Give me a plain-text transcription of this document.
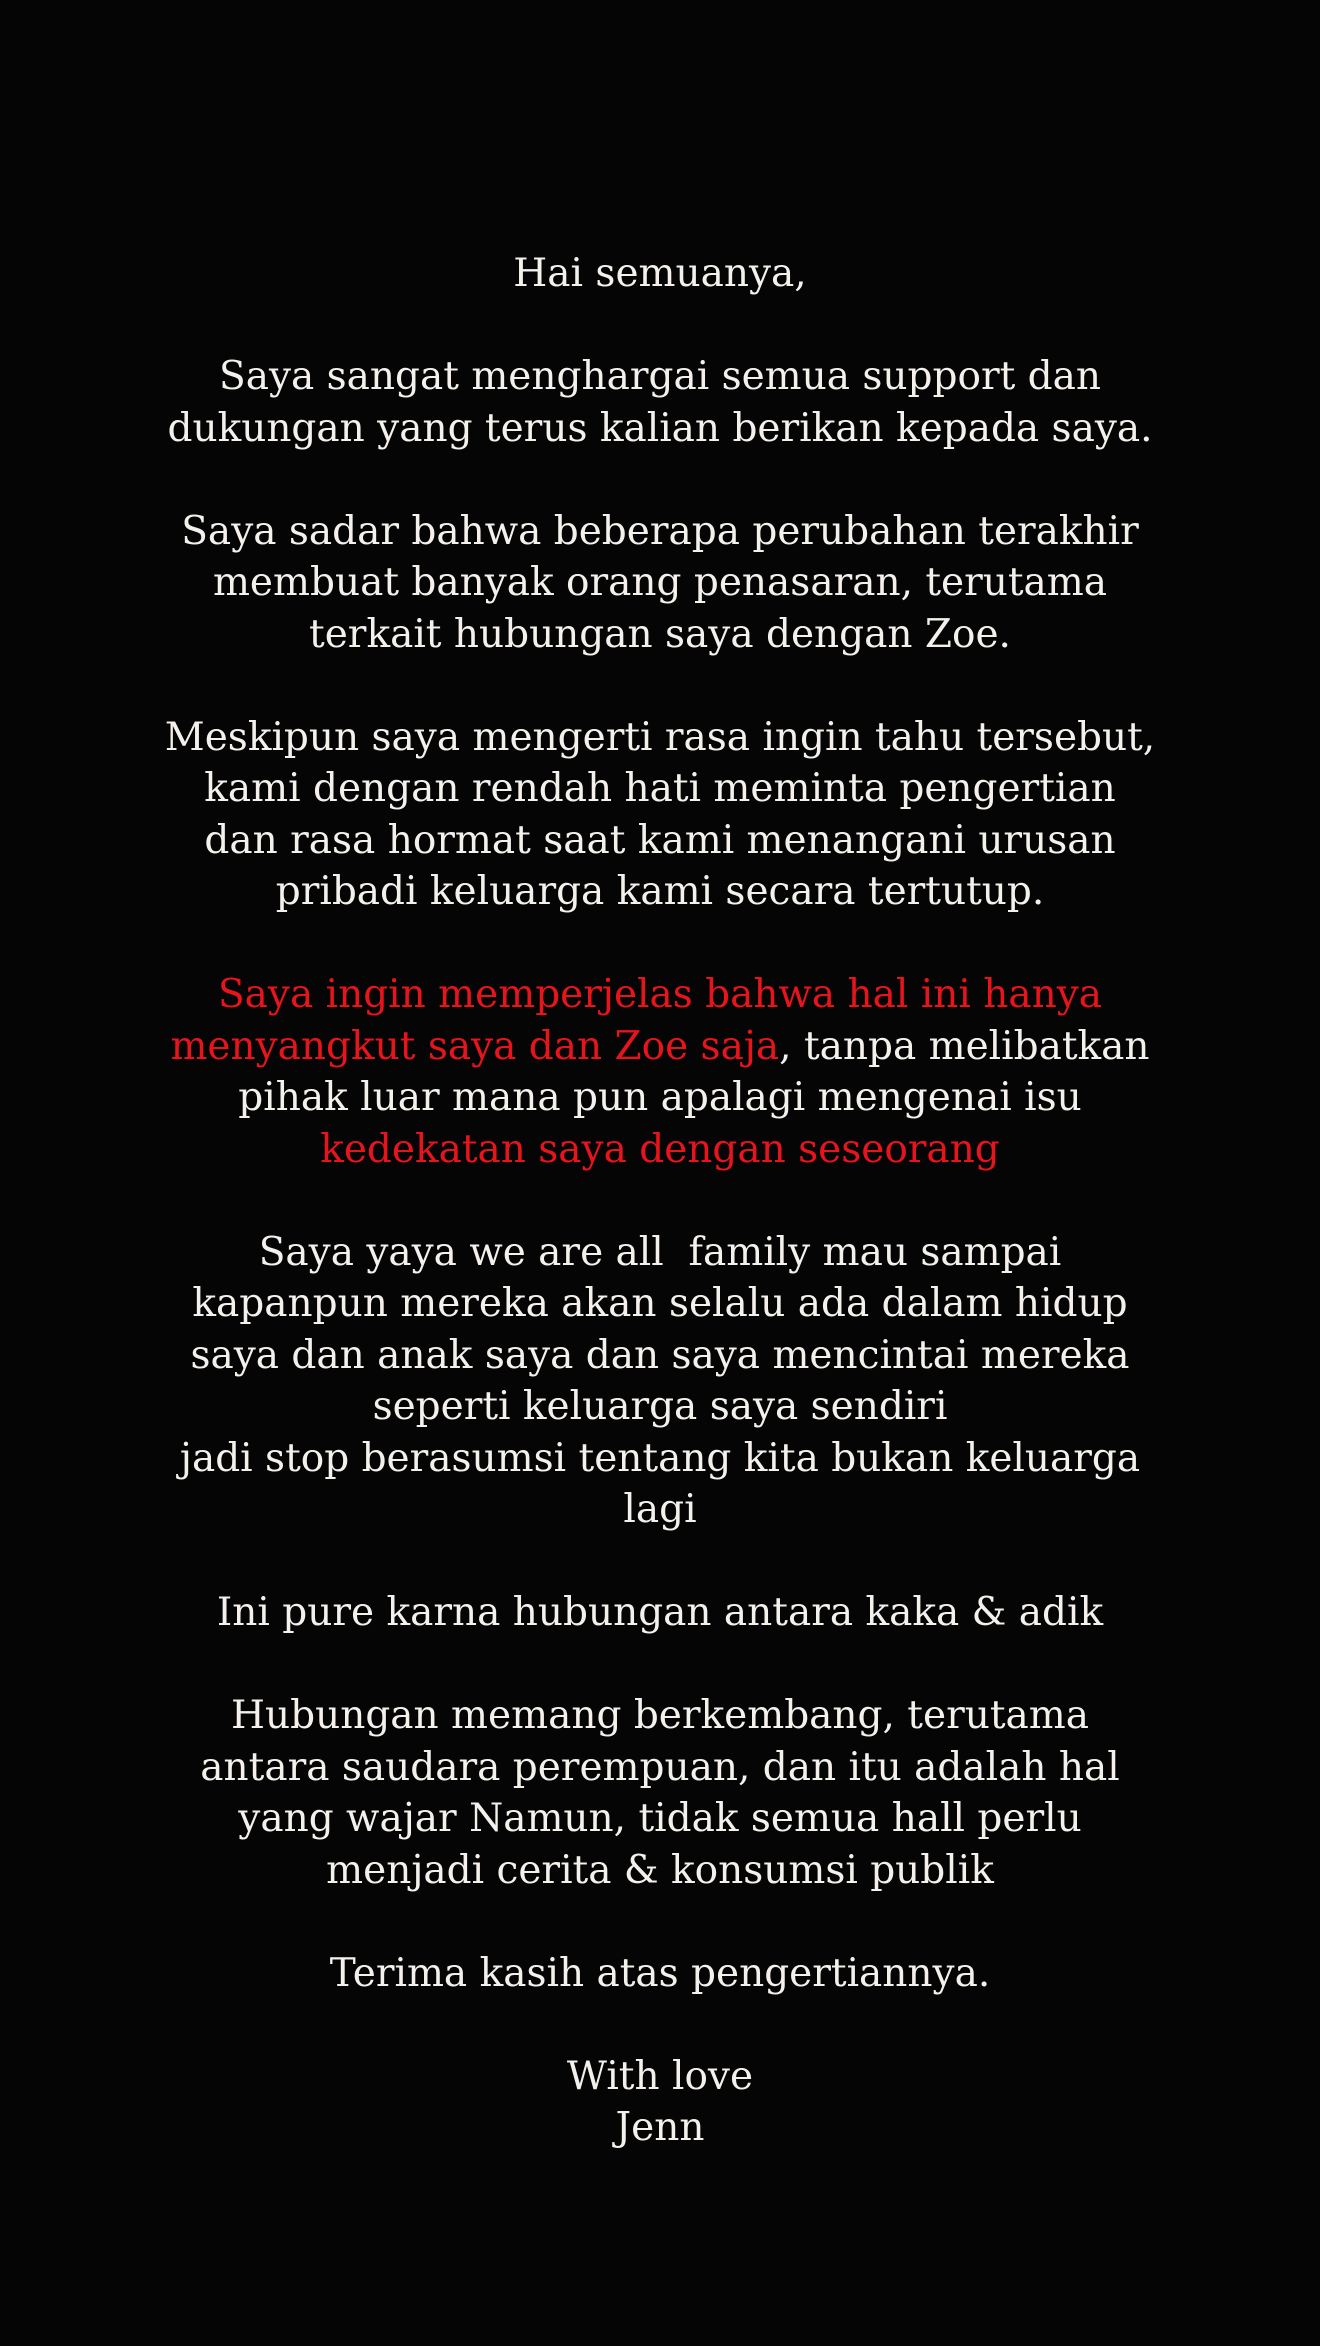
Hai semuanya,
Saya sangat menghargai semua support dan
dukungan yang terus kalian berikan kepada saya.
Saya sadar bahwa beberapa perubahan terakhir
membuat banyak orang penasaran, terutama
terkait hubungan saya dengan Zoe.
Meskipun saya mengerti rasa ingin tahu tersebut,
kami dengan rendah hati meminta pengertian
dan rasa hormat saat kami menangani urusan
pribadi keluarga kami secara tertutup.
Saya ingin memperjelas bahwa hal ini hanya
menyangkut saya dan Zoe saja, tanpa melibatkan
pihak luar mana pun apalagi mengenai isu
kedekatan saya dengan seseorang
Saya yaya we are all  family mau sampai
kapanpun mereka akan selalu ada dalam hidup
saya dan anak saya dan saya mencintai mereka
seperti keluarga saya sendiri
jadi stop berasumsi tentang kita bukan keluarga
lagi
Ini pure karna hubungan antara kaka & adik
Hubungan memang berkembang, terutama
antara saudara perempuan, dan itu adalah hal
yang wajar Namun, tidak semua hall perlu
menjadi cerita & konsumsi publik
Terima kasih atas pengertiannya.
With love
Jenn
